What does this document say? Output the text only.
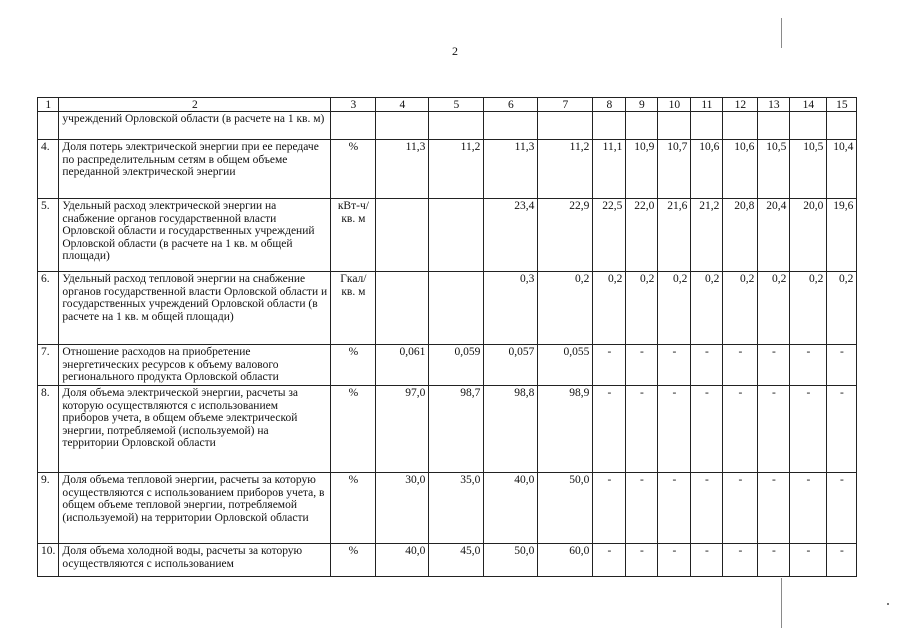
2
1	2	3	4	5	6	7	8	9	10	11	12	13	14	15
	учреждений Орловской области (в расчете на 1 кв. м)													
4.	Доля потерь электрической энергии при ее передаче по распределительным сетям в общем объеме переданной электрической энергии	%	11,3	11,2	11,3	11,2	11,1	10,9	10,7	10,6	10,6	10,5	10,5	10,4
5.	Удельный расход электрической энергии на снабжение органов государственной власти Орловской области и государственных учреждений Орловской области (в расчете на 1 кв. м общей площади)	кВт-ч/ кв. м			23,4	22,9	22,5	22,0	21,6	21,2	20,8	20,4	20,0	19,6
6.	Удельный расход тепловой энергии на снабжение органов государственной власти Орловской области и государственных учреждений Орловской области (в расчете на 1 кв. м общей площади)	Гкал/ кв. м			0,3	0,2	0,2	0,2	0,2	0,2	0,2	0,2	0,2	0,2
7.	Отношение расходов на приобретение энергетических ресурсов к объему валового регионального продукта Орловской области	%	0,061	0,059	0,057	0,055	-	-	-	-	-	-	-	-
8.	Доля объема электрической энергии, расчеты за которую осуществляются с использованием приборов учета, в общем объеме электрической энергии, потребляемой (используемой) на территории Орловской области	%	97,0	98,7	98,8	98,9	-	-	-	-	-	-	-	-
9.	Доля объема тепловой энергии, расчеты за которую осуществляются с использованием приборов учета, в общем объеме тепловой энергии, потребляемой (используемой) на территории Орловской области	%	30,0	35,0	40,0	50,0	-	-	-	-	-	-	-	-
10.	Доля объема холодной воды, расчеты за которую осуществляются с использованием	%	40,0	45,0	50,0	60,0	-	-	-	-	-	-	-	-
